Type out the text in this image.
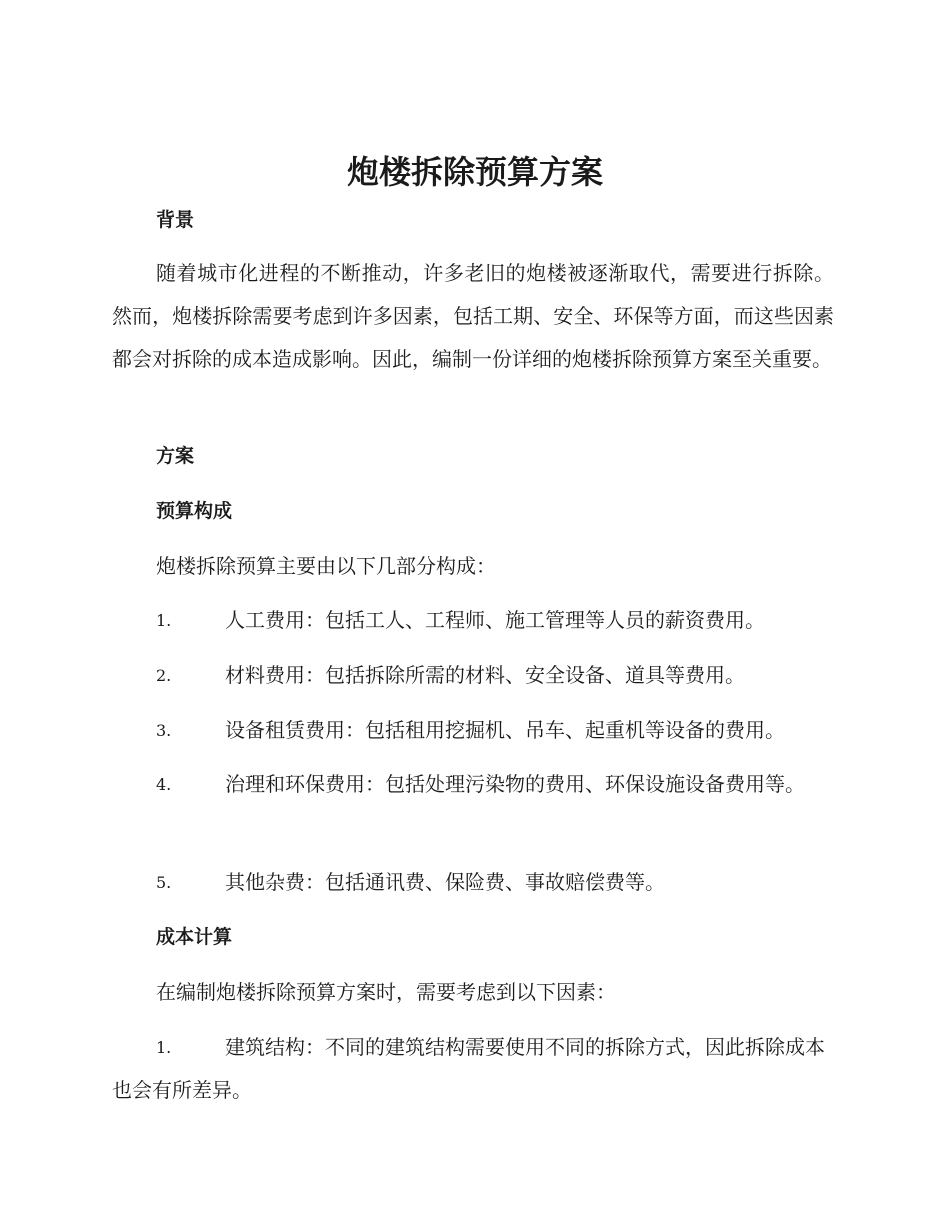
炮楼拆除预算方案
背景

随着城市化进程的不断推动，许多老旧的炮楼被逐渐取代，需要进行拆除。然而，炮楼拆除需要考虑到许多因素，包括工期、安全、环保等方面，而这些因素都会对拆除的成本造成影响。因此，编制一份详细的炮楼拆除预算方案至关重要。

方案
预算构成

炮楼拆除预算主要由以下几部分构成：

1.	人工费用：包括工人、工程师、施工管理等人员的薪资费用。
2.	材料费用：包括拆除所需的材料、安全设备、道具等费用。
3.	设备租赁费用：包括租用挖掘机、吊车、起重机等设备的费用。
4.	治理和环保费用：包括处理污染物的费用、环保设施设备费用等。
5.	其他杂费：包括通讯费、保险费、事故赔偿费等。
成本计算

在编制炮楼拆除预算方案时，需要考虑到以下因素：

1.	建筑结构：不同的建筑结构需要使用不同的拆除方式，因此拆除成本也会有所差异。
